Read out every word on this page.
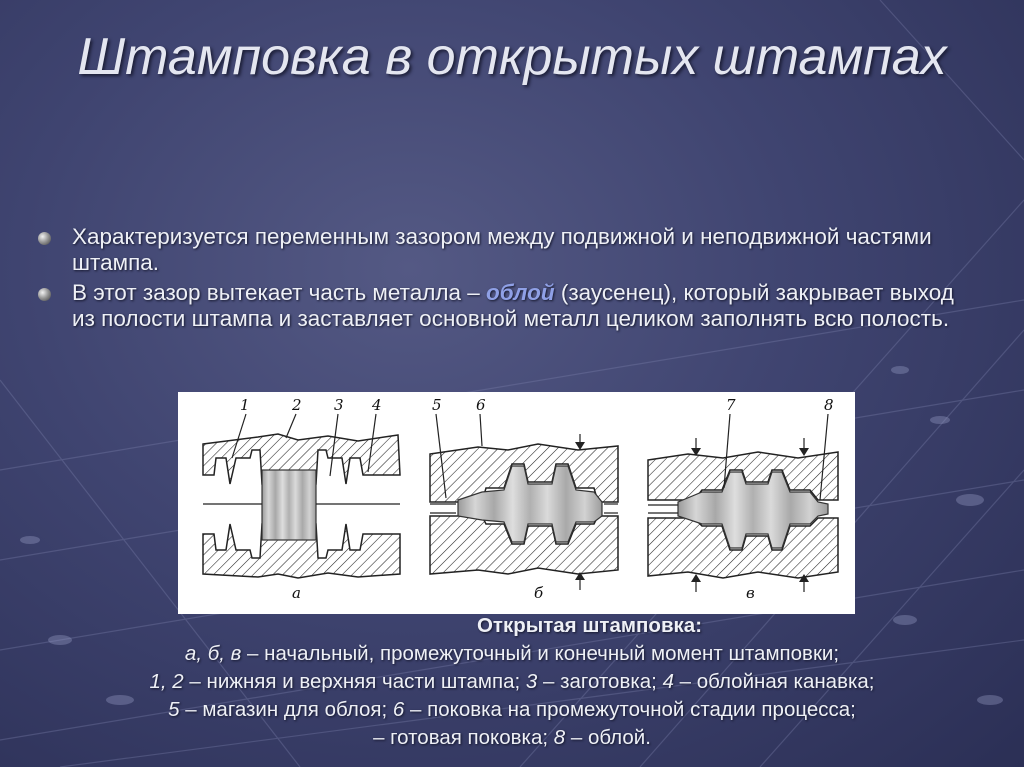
Штамповка в открытых штампах
Характеризуется переменным зазором между подвижной и неподвижной частями штампа.
В этот зазор вытекает часть металла – облой (заусенец), который закрывает выход из полости штампа и заставляет основной металл целиком заполнять всю полость.
1	2 3 4	5 6	7	8
а	б	в
Открытая штамповка:
а, б, в – начальный, промежуточный и конечный момент штамповки;
1, 2 – нижняя и верхняя части штампа; 3 – заготовка; 4 – облойная канавка;
5 – магазин для облоя; 6 – поковка на промежуточной стадии процесса;
– готовая поковка; 8 – облой.
